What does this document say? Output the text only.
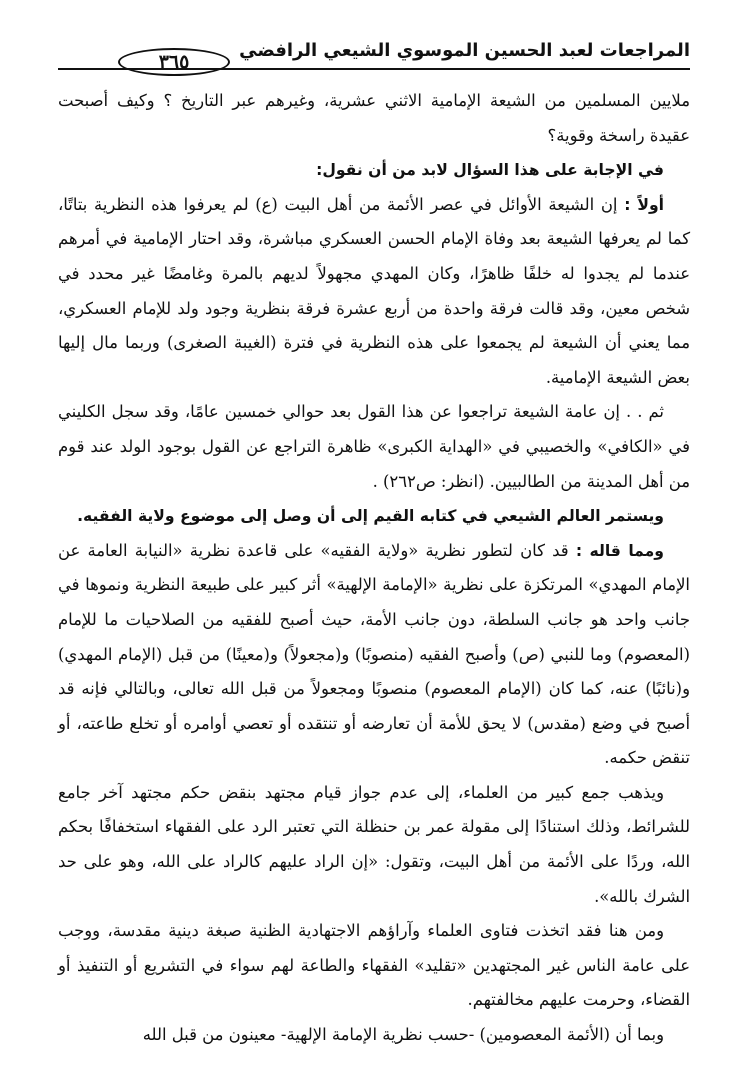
المراجعات لعبد الحسين الموسوي الشيعي الرافضي
٣٦٥

ملايين المسلمين من الشيعة الإمامية الاثني عشرية، وغيرهم عبر التاريخ ؟ وكيف أصبحت عقيدة راسخة وقوية؟

في الإجابة على هذا السؤال لابد من أن نقول:

أولاً : إن الشيعة الأوائل في عصر الأئمة من أهل البيت (ع) لم يعرفوا هذه النظرية بتاتًا، كما لم يعرفها الشيعة بعد وفاة الإمام الحسن العسكري مباشرة، وقد احتار الإمامية في أمرهم عندما لم يجدوا له خلفًا ظاهرًا، وكان المهدي مجهولاً لديهم بالمرة وغامضًا غير محدد في شخص معين، وقد قالت فرقة واحدة من أربع عشرة فرقة بنظرية وجود ولد للإمام العسكري، مما يعني أن الشيعة لم يجمعوا على هذه النظرية في فترة (الغيبة الصغرى) وربما مال إليها بعض الشيعة الإمامية.

ثم . . إن عامة الشيعة تراجعوا عن هذا القول بعد حوالي خمسين عامًا، وقد سجل الكليني في «الكافي» والخصيبي في «الهداية الكبرى» ظاهرة التراجع عن القول بوجود الولد عند قوم من أهل المدينة من الطالبيين. (انظر: ص٢٦٢) .

ويستمر العالم الشيعي في كتابه القيم إلى أن وصل إلى موضوع ولاية الفقيه.

ومما قاله : قد كان لتطور نظرية «ولاية الفقيه» على قاعدة نظرية «النيابة العامة عن الإمام المهدي» المرتكزة على نظرية «الإمامة الإلهية» أثر كبير على طبيعة النظرية ونموها في جانب واحد هو جانب السلطة، دون جانب الأمة، حيث أصبح للفقيه من الصلاحيات ما للإمام (المعصوم) وما للنبي (ص) وأصبح الفقيه (منصوبًا) و(مجعولاً) و(معينًا) من قبل (الإمام المهدي) و(نائبًا) عنه، كما كان (الإمام المعصوم) منصوبًا ومجعولاً من قبل الله تعالى، وبالتالي فإنه قد أصبح في وضع (مقدس) لا يحق للأمة أن تعارضه أو تنتقده أو تعصي أوامره أو تخلع طاعته، أو تنقض حكمه.

ويذهب جمع كبير من العلماء، إلى عدم جواز قيام مجتهد بنقض حكم مجتهد آخر جامع للشرائط، وذلك استنادًا إلى مقولة عمر بن حنظلة التي تعتبر الرد على الفقهاء استخفافًا بحكم الله، وردًا على الأئمة من أهل البيت، وتقول: «إن الراد عليهم كالراد على الله، وهو على حد الشرك بالله».

ومن هنا فقد اتخذت فتاوى العلماء وآراؤهم الاجتهادية الظنية صبغة دينية مقدسة، ووجب على عامة الناس غير المجتهدين «تقليد» الفقهاء والطاعة لهم سواء في التشريع أو التنفيذ أو القضاء، وحرمت عليهم مخالفتهم.

وبما أن (الأئمة المعصومين) -حسب نظرية الإمامة الإلهية- معينون من قبل الله
